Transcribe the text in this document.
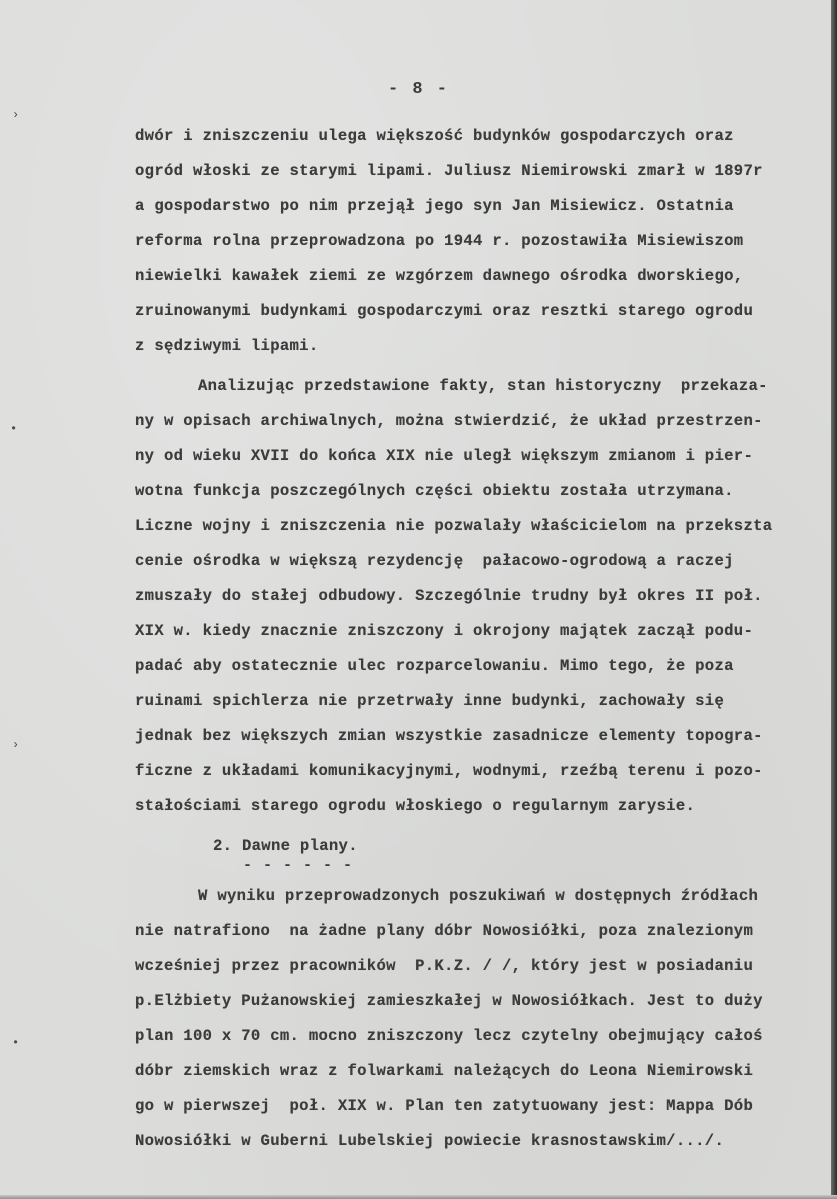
›
•
›
•
- 8 -
dwór i zniszczeniu ulega większość budynków gospodarczych oraz
ogród włoski ze starymi lipami. Juliusz Niemirowski zmarł w 1897r
a gospodarstwo po nim przejął jego syn Jan Misiewicz. Ostatnia
reforma rolna przeprowadzona po 1944 r. pozostawiła Misiewiszom
niewielki kawałek ziemi ze wzgórzem dawnego ośrodka dworskiego,
zruinowanymi budynkami gospodarczymi oraz resztki starego ogrodu
z sędziwymi lipami.
Analizując przedstawione fakty, stan historyczny  przekaza-
ny w opisach archiwalnych, można stwierdzić, że układ przestrzen-
ny od wieku XVII do końca XIX nie uległ większym zmianom i pier-
wotna funkcja poszczególnych części obiektu została utrzymana.
Liczne wojny i zniszczenia nie pozwalały właścicielom na przekszta
cenie ośrodka w większą rezydencję  pałacowo-ogrodową a raczej
zmuszały do stałej odbudowy. Szczególnie trudny był okres II poł.
XIX w. kiedy znacznie zniszczony i okrojony majątek zaczął podu-
padać aby ostatecznie ulec rozparcelowaniu. Mimo tego, że poza
ruinami spichlerza nie przetrwały inne budynki, zachowały się
jednak bez większych zmian wszystkie zasadnicze elementy topogra-
ficzne z układami komunikacyjnymi, wodnymi, rzeźbą terenu i pozo-
stałościami starego ogrodu włoskiego o regularnym zarysie.
2. Dawne plany.
- - - - - -
W wyniku przeprowadzonych poszukiwań w dostępnych źródłach
nie natrafiono  na żadne plany dóbr Nowosiółki, poza znalezionym
wcześniej przez pracowników  P.K.Z. / /, który jest w posiadaniu
p.Elżbiety Pużanowskiej zamieszkałej w Nowosiółkach. Jest to duży
plan 100 x 70 cm. mocno zniszczony lecz czytelny obejmujący całoś
dóbr ziemskich wraz z folwarkami należących do Leona Niemirowski
go w pierwszej  poł. XIX w. Plan ten zatytuowany jest: Mappa Dób
Nowosiółki w Guberni Lubelskiej powiecie krasnostawskim/.../.
